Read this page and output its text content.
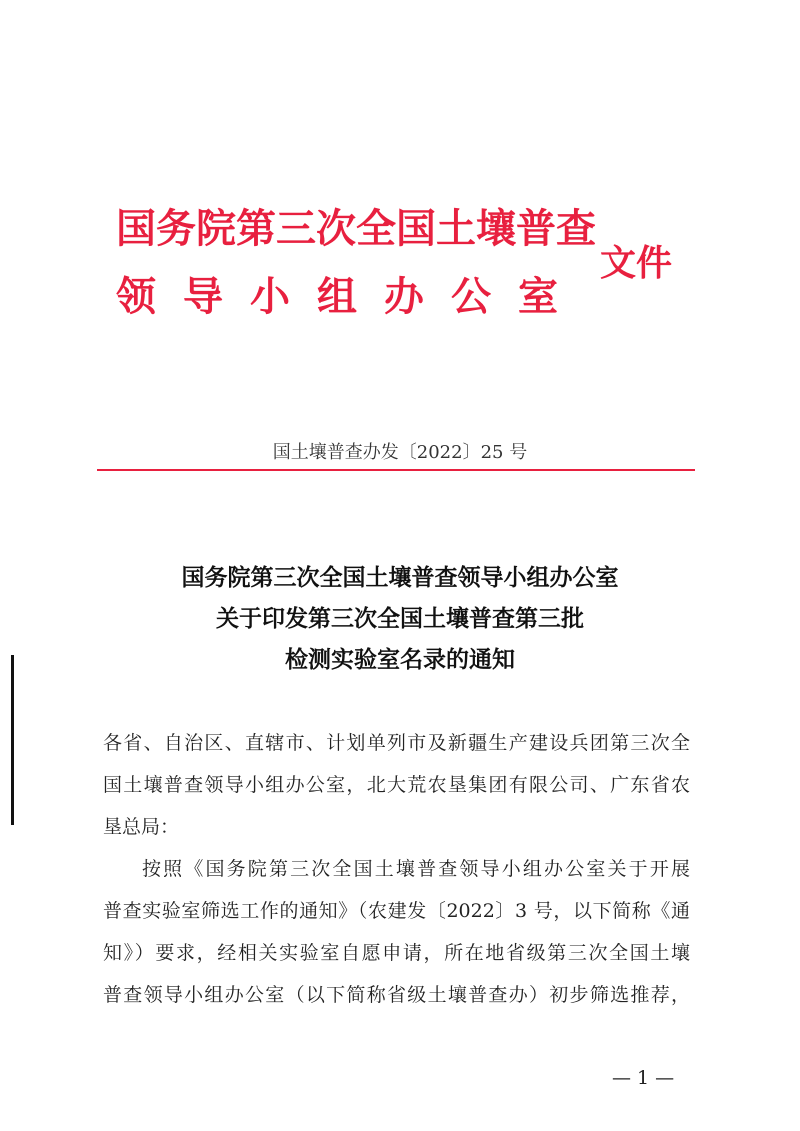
国务院第三次全国土壤普查
领导小组办公室
文件
国土壤普查办发〔2022〕25 号
国务院第三次全国土壤普查领导小组办公室
关于印发第三次全国土壤普查第三批
检测实验室名录的通知
各省、自治区、直辖市、计划单列市及新疆生产建设兵团第三次全
国土壤普查领导小组办公室，北大荒农垦集团有限公司、广东省农
垦总局：
按照《国务院第三次全国土壤普查领导小组办公室关于开展
普查实验室筛选工作的通知》（农建发〔2022〕3 号，以下简称《通
知》）要求，经相关实验室自愿申请，所在地省级第三次全国土壤
普查领导小组办公室（以下简称省级土壤普查办）初步筛选推荐，
— 1 —
